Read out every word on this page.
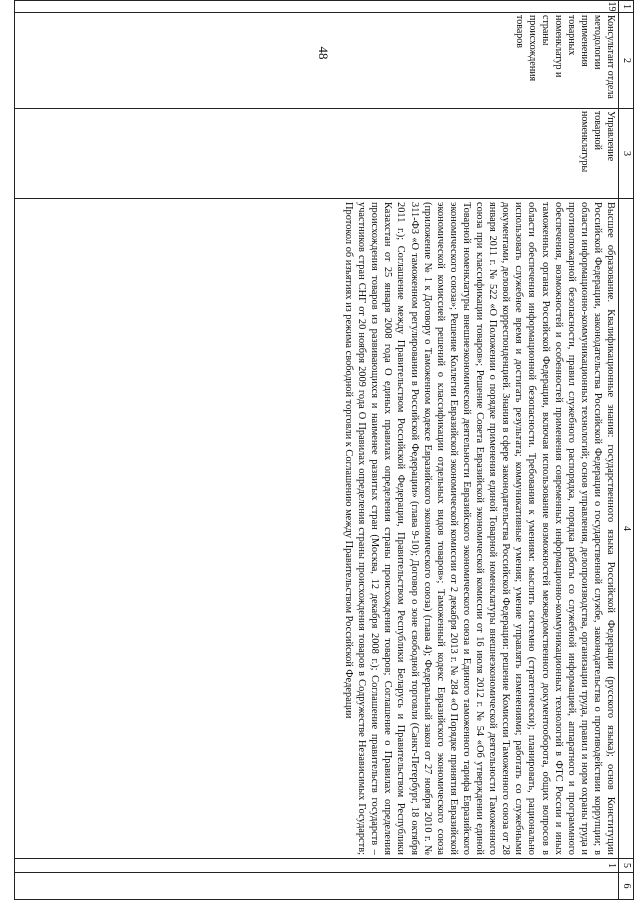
48
1	2	3	4	5	6
19	Консультант отдела методологии применения товарных номенклатур и страны происхождения товаров	Управление товарной номенклатуры	Высшее образование. Квалификационные знания: государственного языка Российской Федерации (русского языка); основ Конституции Российской Федерации, законодательства Российской Федерации о государственной службе, законодательства о противодействии коррупции; в области информационно-коммуникационных технологий; основ управления, делопроизводства, организации труда, правил и норм охраны труда и противопожарной безопасности, правил служебного распорядка, порядка работы со служебной информацией, аппаратного и программного обеспечения, возможностей и особенностей применения современных информационно-коммуникационных технологий в ФТС России и иных таможенных органах Российской Федерации, включая использование возможностей межведомственного документооборота, общих вопросов в области обеспечения информационной безопасности. Требования к умениям: мыслить системно (стратегически); планировать, рационально использовать служебное время и достигать результата; коммуникативные умения; умение управлять изменениями; работать со служебными документами, деловой корреспонденцией. Знания в сфере законодательства Российской Федерации: решение Комиссии Таможенного союза от 28 января 2011 г. № 522 «О Положении о порядке применения единой Товарной номенклатуры внешнеэкономической деятельности Таможенного союза при классификации товаров»; Решение Совета Евразийской экономической комиссии от 16 июля 2012 г. № 54 «Об утверждении единой Товарной номенклатуры внешнеэкономической деятельности Евразийского экономического союза и Единого таможенного тарифа Евразийского экономического союза»; Решение Коллегии Евразийской экономической комиссии от 2 декабря 2013 г. № 284 «О Порядке принятия Евразийской экономической комиссией решений о классификации отдельных видов товаров»; Таможенный кодекс Евразийского экономического союза (приложение № 1 к Договору о Таможенном кодексе Евразийского экономического союза) (глава 4); Федеральный закон от 27 ноября 2010 г. № 311-ФЗ «О таможенном регулировании в Российской Федерации» (глава 9-10); Договор о зоне свободной торговли (Санкт-Петербург, 18 октября 2011 г.); Соглашение между Правительством Российской Федерации, Правительством Республики Беларусь и Правительством Республики Казахстан от 25 января 2008 года О единых правилах определения страны происхождения товаров; Соглашение о Правилах определения происхождения товаров из развивающихся и наименее развитых стран (Москва, 12 декабря 2008 г.); Соглашение правительств государств – участников стран СНГ от 20 ноября 2009 года О Правилах определения страны происхождения товаров в Содружестве Независимых Государств; Протокол об изъятиях из режима свободной торговли к Соглашению между Правительством Российской Федерации	1	
